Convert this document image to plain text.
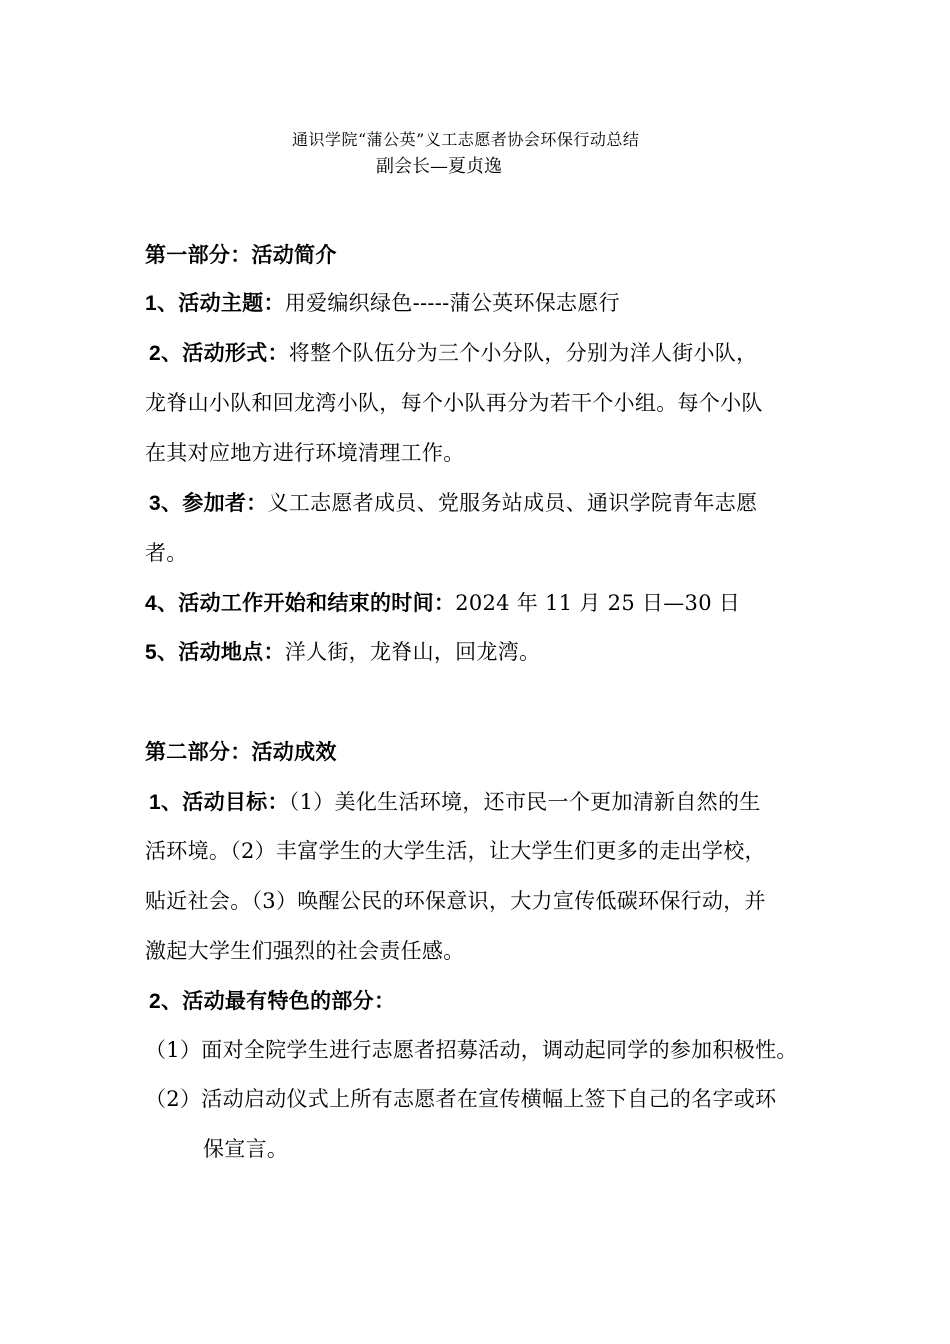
通识学院“蒲公英”义工志愿者协会环保行动总结
副会长—夏贞逸
第一部分：活动简介
1、活动主题：用爱编织绿色-----蒲公英环保志愿行
2、活动形式：将整个队伍分为三个小分队，分别为洋人街小队，
龙脊山小队和回龙湾小队，每个小队再分为若干个小组。每个小队
在其对应地方进行环境清理工作。
3、参加者：义工志愿者成员、党服务站成员、通识学院青年志愿
者。
4、活动工作开始和结束的时间：2024 年 11 月 25 日—30 日
5、活动地点：洋人街，龙脊山，回龙湾。
第二部分：活动成效
1、活动目标：（1）美化生活环境，还市民一个更加清新自然的生
活环境。（2）丰富学生的大学生活，让大学生们更多的走出学校，
贴近社会。（3）唤醒公民的环保意识，大力宣传低碳环保行动，并
激起大学生们强烈的社会责任感。
2、活动最有特色的部分：
（1）面对全院学生进行志愿者招募活动，调动起同学的参加积极性。
（2）活动启动仪式上所有志愿者在宣传横幅上签下自己的名字或环
保宣言。
